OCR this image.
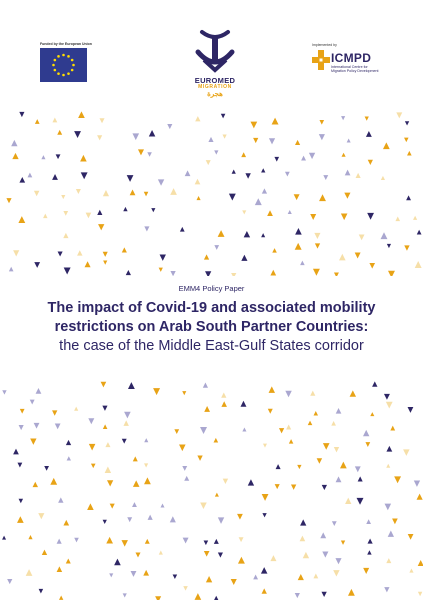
Funded by the European Union
EUROMED
MIGRATION
هجرة
Implemented by
ICMPD
International Centre for
Migration Policy Development
EMM4 Policy Paper
The impact of Covid-19 and associated mobility
restrictions on Arab South Partner Countries:
the case of the Middle East-Gulf States corridor
